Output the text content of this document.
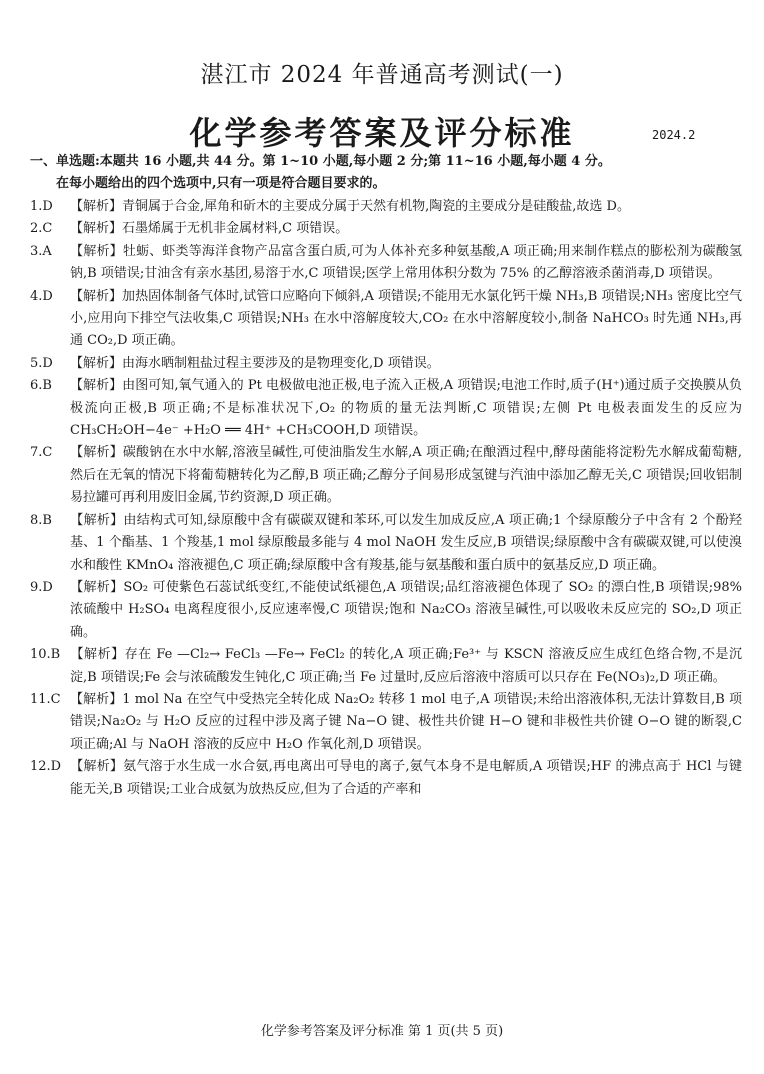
湛江市 2024 年普通高考测试(一)
化学参考答案及评分标准	2024.2
一、单选题:本题共 16 小题,共 44 分。第 1~10 小题,每小题 2 分;第 11~16 小题,每小题 4 分。
在每小题给出的四个选项中,只有一项是符合题目要求的。

1.D 【解析】青铜属于合金,犀角和斫木的主要成分属于天然有机物,陶瓷的主要成分是硅酸盐,故选 D。

2.C 【解析】石墨烯属于无机非金属材料,C 项错误。

3.A 【解析】牡蛎、虾类等海洋食物产品富含蛋白质,可为人体补充多种氨基酸,A 项正确;用来制作糕点的膨松剂为碳酸氢钠,B 项错误;甘油含有亲水基团,易溶于水,C 项错误;医学上常用体积分数为 75% 的乙醇溶液杀菌消毒,D 项错误。

4.D 【解析】加热固体制备气体时,试管口应略向下倾斜,A 项错误;不能用无水氯化钙干燥 NH₃,B 项错误;NH₃ 密度比空气小,应用向下排空气法收集,C 项错误;NH₃ 在水中溶解度较大,CO₂ 在水中溶解度较小,制备 NaHCO₃ 时先通 NH₃,再通 CO₂,D 项正确。

5.D 【解析】由海水晒制粗盐过程主要涉及的是物理变化,D 项错误。

6.B 【解析】由图可知,氧气通入的 Pt 电极做电池正极,电子流入正极,A 项错误;电池工作时,质子(H⁺)通过质子交换膜从负极流向正极,B 项正确;不是标准状况下,O₂ 的物质的量无法判断,C 项错误;左侧 Pt 电极表面发生的反应为 CH₃CH₂OH−4e⁻ +H₂O ══ 4H⁺ +CH₃COOH,D 项错误。

7.C 【解析】碳酸钠在水中水解,溶液呈碱性,可使油脂发生水解,A 项正确;在酿酒过程中,酵母菌能将淀粉先水解成葡萄糖,然后在无氧的情况下将葡萄糖转化为乙醇,B 项正确;乙醇分子间易形成氢键与汽油中添加乙醇无关,C 项错误;回收铝制易拉罐可再利用废旧金属,节约资源,D 项正确。

8.B 【解析】由结构式可知,绿原酸中含有碳碳双键和苯环,可以发生加成反应,A 项正确;1 个绿原酸分子中含有 2 个酚羟基、1 个酯基、1 个羧基,1 mol 绿原酸最多能与 4 mol NaOH 发生反应,B 项错误;绿原酸中含有碳碳双键,可以使溴水和酸性 KMnO₄ 溶液褪色,C 项正确;绿原酸中含有羧基,能与氨基酸和蛋白质中的氨基反应,D 项正确。

9.D 【解析】SO₂ 可使紫色石蕊试纸变红,不能使试纸褪色,A 项错误;品红溶液褪色体现了 SO₂ 的漂白性,B 项错误;98%浓硫酸中 H₂SO₄ 电离程度很小,反应速率慢,C 项错误;饱和 Na₂CO₃ 溶液呈碱性,可以吸收未反应完的 SO₂,D 项正确。

10.B 【解析】存在 Fe —Cl₂→ FeCl₃ —Fe→ FeCl₂ 的转化,A 项正确;Fe³⁺ 与 KSCN 溶液反应生成红色络合物,不是沉淀,B 项错误;Fe 会与浓硫酸发生钝化,C 项正确;当 Fe 过量时,反应后溶液中溶质可以只存在 Fe(NO₃)₂,D 项正确。

11.C 【解析】1 mol Na 在空气中受热完全转化成 Na₂O₂ 转移 1 mol 电子,A 项错误;未给出溶液体积,无法计算数目,B 项错误;Na₂O₂ 与 H₂O 反应的过程中涉及离子键 Na−O 键、极性共价键 H−O 键和非极性共价键 O−O 键的断裂,C 项正确;Al 与 NaOH 溶液的反应中 H₂O 作氧化剂,D 项错误。

12.D 【解析】氨气溶于水生成一水合氨,再电离出可导电的离子,氨气本身不是电解质,A 项错误;HF 的沸点高于 HCl 与键能无关,B 项错误;工业合成氨为放热反应,但为了合适的产率和

化学参考答案及评分标准 第 1 页(共 5 页)
